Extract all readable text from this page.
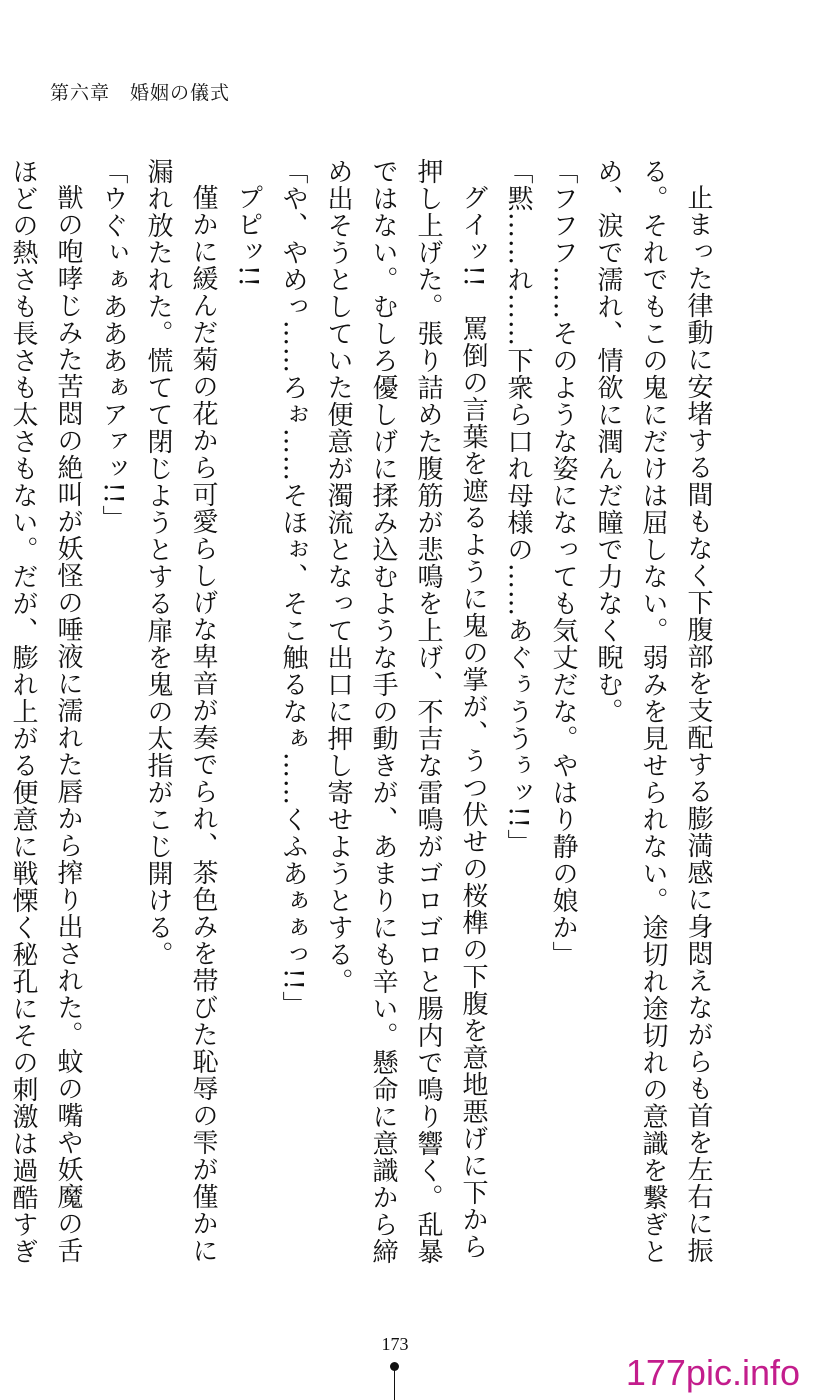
第六章　婚姻の儀式

止まった律動に安堵する間もなく下腹部を支配する膨満感に身悶えながらも首を左右に振る。それでもこの鬼にだけは屈しない。弱みを見せられない。途切れ途切れの意識を繋ぎとめ、涙で濡れ、情欲に潤んだ瞳で力なく睨む。

「フフフ……そのような姿になっても気丈だな。やはり静の娘か」

「黙……れ……下衆ら口れ母様の……あぐぅううぅッ!!」

グイッ!!　罵倒の言葉を遮るように鬼の掌が、うつ伏せの桜榫の下腹を意地悪げに下から押し上げた。張り詰めた腹筋が悲鳴を上げ、不吉な雷鳴がゴロゴロと腸内で鳴り響く。乱暴ではない。むしろ優しげに揉み込むような手の動きが、あまりにも辛い。懸命に意識から締め出そうとしていた便意が濁流となって出口に押し寄せようとする。

「や、やめっ……ろぉ……そほぉ、そこ触るなぁ……くふあぁぁっ!!」

プピッ!!

僅かに緩んだ菊の花から可愛らしげな卑音が奏でられ、茶色みを帯びた恥辱の雫が僅かに漏れ放たれた。慌てて閉じようとする扉を鬼の太指がこじ開ける。

「ウぐぃぁあああぁアァッ!!」

獣の咆哮じみた苦悶の絶叫が妖怪の唾液に濡れた唇から搾り出された。蚊の嘴や妖魔の舌ほどの熱さも長さも太さもない。だが、膨れ上がる便意に戦慄く秘孔にその刺激は過酷すぎ

173
177pic.info
